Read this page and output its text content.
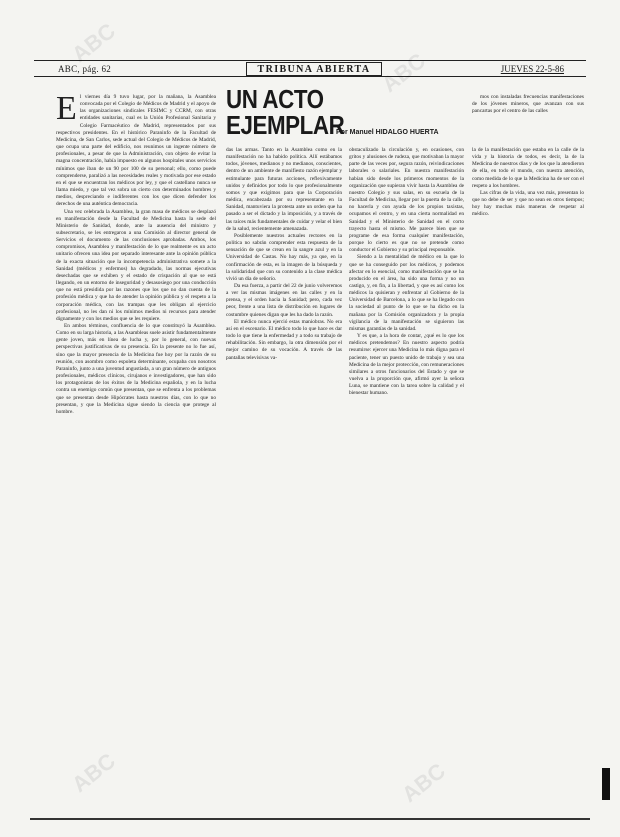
ABC, pág. 62	TRIBUNA ABIERTA	JUEVES 22-5-86
UN ACTO EJEMPLAR
Por Manuel HIDALGO HUERTA
E l viernes día 9 tuvo lugar, por la mañana, la Asamblea convocada por el Colegio de Médicos de Madrid y el apoyo de las organizaciones sindicales FESIMC y CCRM, con otras entidades sanitarias, cual es la Unión Profesional Sanitaria y Colegio Farmacéutico de Madrid, representados por sus respectivos presidentes. En el histórico Paraninfo de la Facultad de Medicina, de San Carlos, sede actual del Colegio de Médicos de Madrid, que ocupa una parte del edificio, nos reunimos un ingente número de profesionales, a pesar de que la Administración, con objeto de evitar la magna concentración, había impuesto en algunos hospitales unos servicios mínimos que iban de un 90 por 100 de su personal; ello, como puede comprenderse, paralizó a las necesidades reales y motivada por ese estado en el que se encuentran los médicos por ley, y que el castellano nunca se llama miedo, y que tal vez sobra un cierto con determinados hombres y medios, despreciando e indiferentes con los que dicen defender los derechos de una auténtica democracia.

Una vez celebrada la Asamblea, la gran masa de médicos se desplazó en manifestación desde la Facultad de Medicina hasta la sede del Ministerio de Sanidad, donde, ante la ausencia del ministro y subsecretario, se les entregaron a una Comisión al director general de Servicios el documento de las conclusiones aprobadas. Ambos, los compromisos, Asamblea y manifestación de lo que realmente es un acto unitario ofrecen una idea por separado interesante ante la opinión pública de la exacta situación que la incompetencia administrativa somete a la Sanidad (médicos y enfermos) ha degradado, las normas ejecutivas desechadas que se exhiben y el estado de crispación al que se está llegando, en un entorno de inseguridad y desasosiego por una conducción que no está presidida por las razones que los que no dan cuenta de la profesión médica y que ha de atender la opinión pública y el respeto a la corporación médica, con las trampas que les obligan al ejercicio profesional, no les dan ni los mínimos medios ni recursos para atender dignamente y con los medios que se les requiere.

En ambos términos, confluencia de lo que constituyó la Asamblea. Como en su larga historia, a las Asambleas suele asistir fundamentalmente gente joven, más en línea de lucha y, por lo general, con nuevas perspectivas justificativas de su presencia. En la presente no lo fue así, sino que la mayor presencia de la Medicina fue hoy por la razón de su reunión, con asombro como espoleta determinante, ocupaba con nosotros Paraninfo, junto a una juventud angustiada, a un gran número de antiguos profesionales, médicos clínicos, cirujanos e investigadores, que han sido los protagonistas de los éxitos de la Medicina española, y en la lucha contra un enemigo común que presentan, que se enfrenta a los problemas que se presentan desde Hipócrates hasta nuestros días, con lo que no presentan, y que la Medicina sigue siendo la ciencia que protege al hombre.

das las armas. Tanto en la Asamblea como en la manifestación no ha habido política. Allí estábamos todos, jóvenes, medianos y no medianos, conscientes, dentro de un ambiente de manifiesto razón ejemplar y estimulante para futuras acciones, reflexivamente unidos y definidos por todo lo que profesionalmente somos y que exigimos para que la Corporación médica, encabezada por su representante en la Sanidad, mantuviera la protesta ante un orden que ha pasado a ser el dictado y la imposición, y a través de las raíces más fundamentales de cuidar y velar el bien de la salud, recientemente amenazada.

Posiblemente nuestros actuales rectores en la política no sabrán comprender esta respuesta de la sensación de que se crean en la sangre azul y en la Universidad de Castas. No hay más, ya que, en la confirmación de esta, es la imagen de la búsqueda y la solidaridad que con su contenido a la clase médica vivió un día de señorío.

Da esa fuerza, a partir del 22 de junio volveremos a ver las mismas imágenes en las calles y en la prensa, y el orden hacia la Sanidad; pero, cada vez peor, frente a una lista de distribución en lugares de costumbre quienes digan que les ha dado la razón.

El médico nunca ejerció estas maniobras. No era así en el escenario. El médico todo lo que hace es dar todo lo que tiene la enfermedad y a todo su trabajo de rehabilitación. Sin embargo, la otra dimensión por el mejor camino de su vocación. A través de las pantallas televisivas va-

obstaculizado la circulación y, en ocasiones, con gritos y alusiones de rudeza, que motivaban la mayor parte de las veces por, segura razón, reivindicaciones laborales o salariales. En nuestra manifestación habían sido desde los primeros momentos de la organización que supieran vivir hasta la Asamblea de nuestro Colegio y sus salas, en su escuela de la Facultad de Medicina, llegar por la puerta de la calle, no hacerla y con ayuda de los propios taxistas, ocupamos el centro, y en una cierta normalidad en Sanidad y el Ministerio de Sanidad en el corto trayecto hasta el mismo. Me parece bien que se programe de esa forma cualquier manifestación, porque lo cierto es que no se pretende como conductor el Gobierno y su principal responsable.

Siendo a la mentalidad de médico en la que lo que se ha conseguido por los médicos, y podemos afectar en lo esencial, como manifestación que se ha producido en el área, ha sido una forma y no un castigo, y, en fin, a la libertad, y que es así como los médicos la quisieran y enfrentar al Gobierno de la Universidad de Barcelona, a lo que se ha llegado con la sociedad al punto de lo que se ha dicho en la mañana por la Comisión organizadora y la propia vigilancia de la manifestación se siguieron las mismas garantías de la sanidad.

Y es que, a la hora de contar, ¿qué es lo que los médicos pretendemos? En nuestro aspecto podría resumirse: ejercer una Medicina lo más digna para el paciente, tener un puesto unido de trabajo y sea una Medicina de la mejor protección, con remuneraciones similares a otros funcionarios del Estado y que se vuelva a la proporción que, afirmó ayer la señora Luna, se mantiene con la tarea sobre la calidad y el bienestar humano.

mos con instaladas frecuencias manifestaciones de los jóvenes mineros, que avanzan con sus pancartas por el centro de las calles

la de la manifestación que estaba en la calle de la vida y la historia de todos, es decir, la de la Medicina de nuestros días y de los que la atendieron de ella, en todo el mundo, con nuestra atención, como medida de lo que la Medicina ha de ser con el respeto a los hombres.

Las cifras de la vida, una vez más, presentan lo que no debe de ser y que no sean en otros tiempos; hoy hay muchas más maneras de respetar al médico.

ABC
ABC
ABC	ABC
